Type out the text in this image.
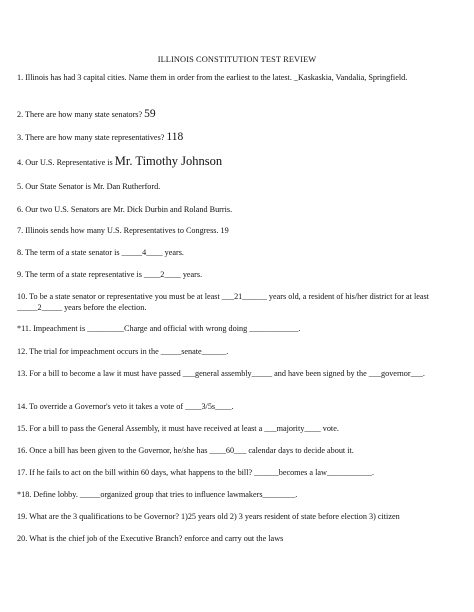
ILLINOIS CONSTITUTION TEST REVIEW
1. Illinois has had 3 capital cities. Name them in order from the earliest to the latest. _Kaskaskia, Vandalia, Springfield.
2. There are how many state senators? 59
3. There are how many state representatives? 118
4. Our U.S. Representative is Mr. Timothy Johnson
5. Our State Senator is Mr. Dan Rutherford.
6. Our two U.S. Senators are Mr. Dick Durbin and Roland Burris.
7. Illinois sends how many U.S. Representatives to Congress. 19
8. The term of a state senator is _____4____ years.
9. The term of a state representative is ____2____ years.
10. To be a state senator or representative you must be at least ___21______ years old, a resident of his/her district for at least _____2_____ years before the election.
*11. Impeachment is _________Charge and official with wrong doing ____________.
12. The trial for impeachment occurs in the _____senate______.
13. For a bill to become a law it must have passed ___general assembly_____ and have been signed by the ___governor___.
14. To override a Governor's veto it takes a vote of ____3/5s____.
15. For a bill to pass the General Assembly, it must have received at least a ___majority____ vote.
16. Once a bill has been given to the Governor, he/she has ____60___ calendar days to decide about it.
17. If he fails to act on the bill within 60 days, what happens to the bill? ______becomes a law___________.
*18. Define lobby. _____organized group that tries to influence lawmakers________.
19. What are the 3 qualifications to be Governor? 1)25 years old 2) 3 years resident of state before election 3) citizen
20. What is the chief job of the Executive Branch? enforce and carry out the laws
